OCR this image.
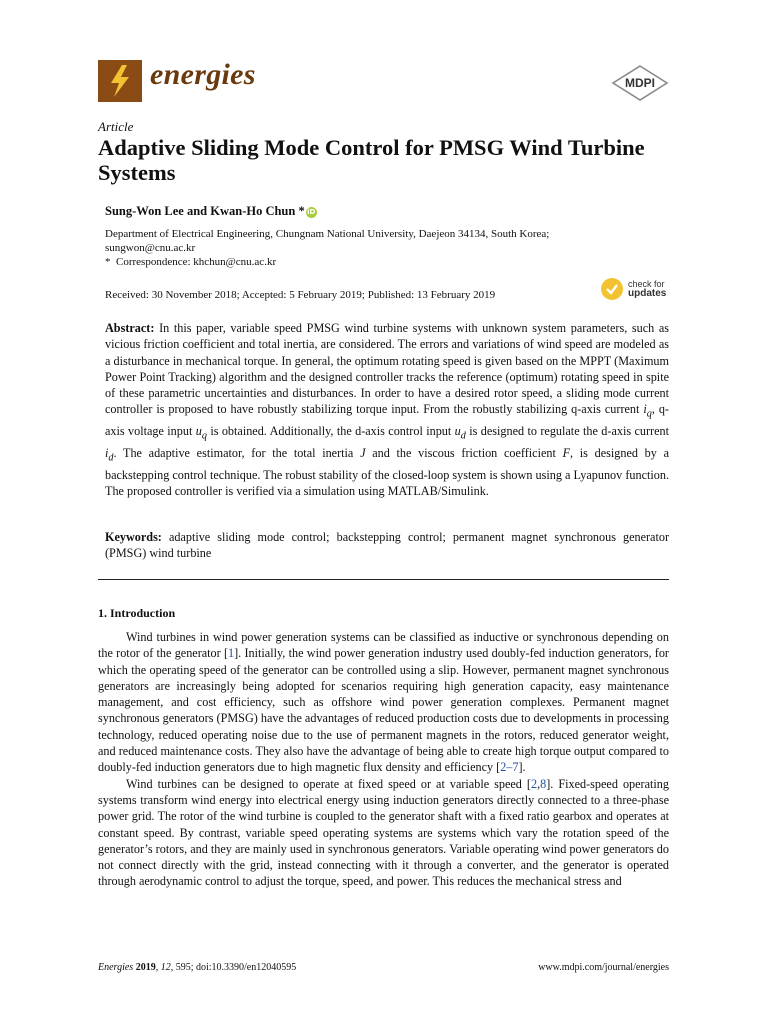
energies	MDPI
Article
Adaptive Sliding Mode Control for PMSG Wind Turbine Systems
Sung-Won Lee and Kwan-Ho Chun * iD
Department of Electrical Engineering, Chungnam National University, Daejeon 34134, South Korea;
sungwon@cnu.ac.kr
* Correspondence: khchun@cnu.ac.kr
Received: 30 November 2018; Accepted: 5 February 2019; Published: 13 February 2019
check for
updates
Abstract: In this paper, variable speed PMSG wind turbine systems with unknown system parameters, such as vicious friction coefficient and total inertia, are considered. The errors and variations of wind speed are modeled as a disturbance in mechanical torque. In general, the optimum rotating speed is given based on the MPPT (Maximum Power Point Tracking) algorithm and the designed controller tracks the reference (optimum) rotating speed in spite of these parametric uncertainties and disturbances. In order to have a desired rotor speed, a sliding mode current controller is proposed to have robustly stabilizing torque input. From the robustly stabilizing q-axis current $i_q$, q-axis voltage input $u_q$ is obtained. Additionally, the d-axis control input $u_d$ is designed to regulate the d-axis current $i_d$. The adaptive estimator, for the total inertia J and the viscous friction coefficient F, is designed by a backstepping control technique. The robust stability of the closed-loop system is shown using a Lyapunov function. The proposed controller is verified via a simulation using MATLAB/Simulink.
Keywords: adaptive sliding mode control; backstepping control; permanent magnet synchronous generator (PMSG) wind turbine
1. Introduction

Wind turbines in wind power generation systems can be classified as inductive or synchronous depending on the rotor of the generator [1]. Initially, the wind power generation industry used doubly-fed induction generators, for which the operating speed of the generator can be controlled using a slip. However, permanent magnet synchronous generators are increasingly being adopted for scenarios requiring high generation capacity, easy maintenance management, and cost efficiency, such as offshore wind power generation complexes. Permanent magnet synchronous generators (PMSG) have the advantages of reduced production costs due to developments in processing technology, reduced operating noise due to the use of permanent magnets in the rotors, reduced generator weight, and reduced maintenance costs. They also have the advantage of being able to create high torque output compared to doubly-fed induction generators due to high magnetic flux density and efficiency [2–7].

Wind turbines can be designed to operate at fixed speed or at variable speed [2,8]. Fixed-speed operating systems transform wind energy into electrical energy using induction generators directly connected to a three-phase power grid. The rotor of the wind turbine is coupled to the generator shaft with a fixed ratio gearbox and operates at constant speed. By contrast, variable speed operating systems are systems which vary the rotation speed of the generator’s rotors, and they are mainly used in synchronous generators. Variable operating wind power generators do not connect directly with the grid, instead connecting with it through a converter, and the generator is operated through aerodynamic control to adjust the torque, speed, and power. This reduces the mechanical stress and

Energies 2019, 12, 595; doi:10.3390/en12040595	www.mdpi.com/journal/energies
